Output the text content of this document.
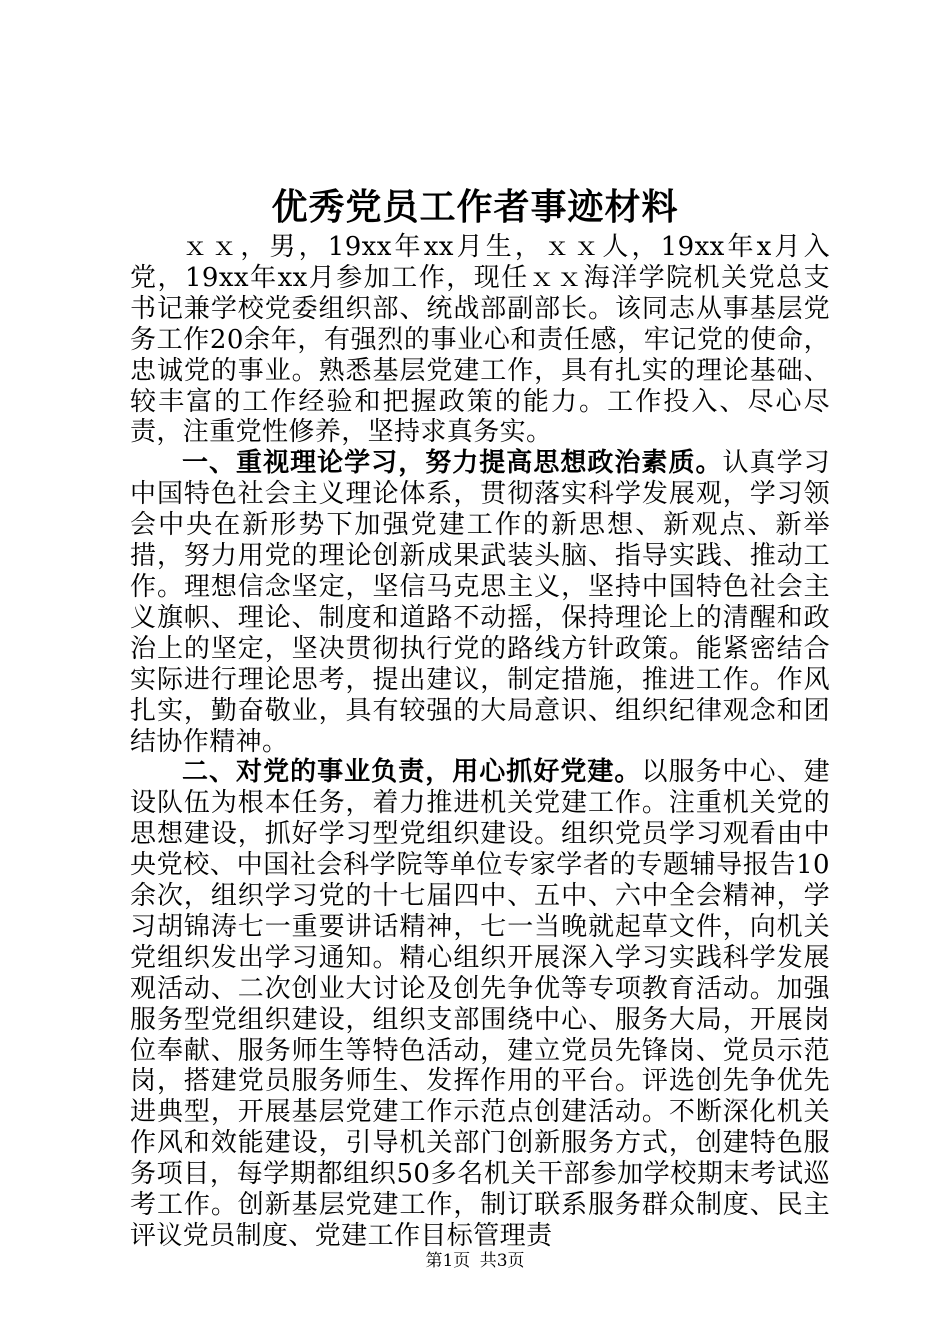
优秀党员工作者事迹材料

ｘｘ，男，19xx年xx月生，ｘｘ人，19xx年x月入党，19xx年xx月参加工作，现任ｘｘ海洋学院机关党总支书记兼学校党委组织部、统战部副部长。该同志从事基层党务工作20余年，有强烈的事业心和责任感，牢记党的使命，忠诚党的事业。熟悉基层党建工作，具有扎实的理论基础、较丰富的工作经验和把握政策的能力。工作投入、尽心尽责，注重党性修养，坚持求真务实。

一、重视理论学习，努力提高思想政治素质。认真学习中国特色社会主义理论体系，贯彻落实科学发展观，学习领会中央在新形势下加强党建工作的新思想、新观点、新举措，努力用党的理论创新成果武装头脑、指导实践、推动工作。理想信念坚定，坚信马克思主义，坚持中国特色社会主义旗帜、理论、制度和道路不动摇，保持理论上的清醒和政治上的坚定，坚决贯彻执行党的路线方针政策。能紧密结合实际进行理论思考，提出建议，制定措施，推进工作。作风扎实，勤奋敬业，具有较强的大局意识、组织纪律观念和团结协作精神。

二、对党的事业负责，用心抓好党建。以服务中心、建设队伍为根本任务，着力推进机关党建工作。注重机关党的思想建设，抓好学习型党组织建设。组织党员学习观看由中央党校、中国社会科学院等单位专家学者的专题辅导报告10余次，组织学习党的十七届四中、五中、六中全会精神，学习胡锦涛七一重要讲话精神，七一当晚就起草文件，向机关党组织发出学习通知。精心组织开展深入学习实践科学发展观活动、二次创业大讨论及创先争优等专项教育活动。加强服务型党组织建设，组织支部围绕中心、服务大局，开展岗位奉献、服务师生等特色活动，建立党员先锋岗、党员示范岗，搭建党员服务师生、发挥作用的平台。评选创先争优先进典型，开展基层党建工作示范点创建活动。不断深化机关作风和效能建设，引导机关部门创新服务方式，创建特色服务项目，每学期都组织50多名机关干部参加学校期末考试巡考工作。创新基层党建工作，制订联系服务群众制度、民主评议党员制度、党建工作目标管理责

第1页 共3页
